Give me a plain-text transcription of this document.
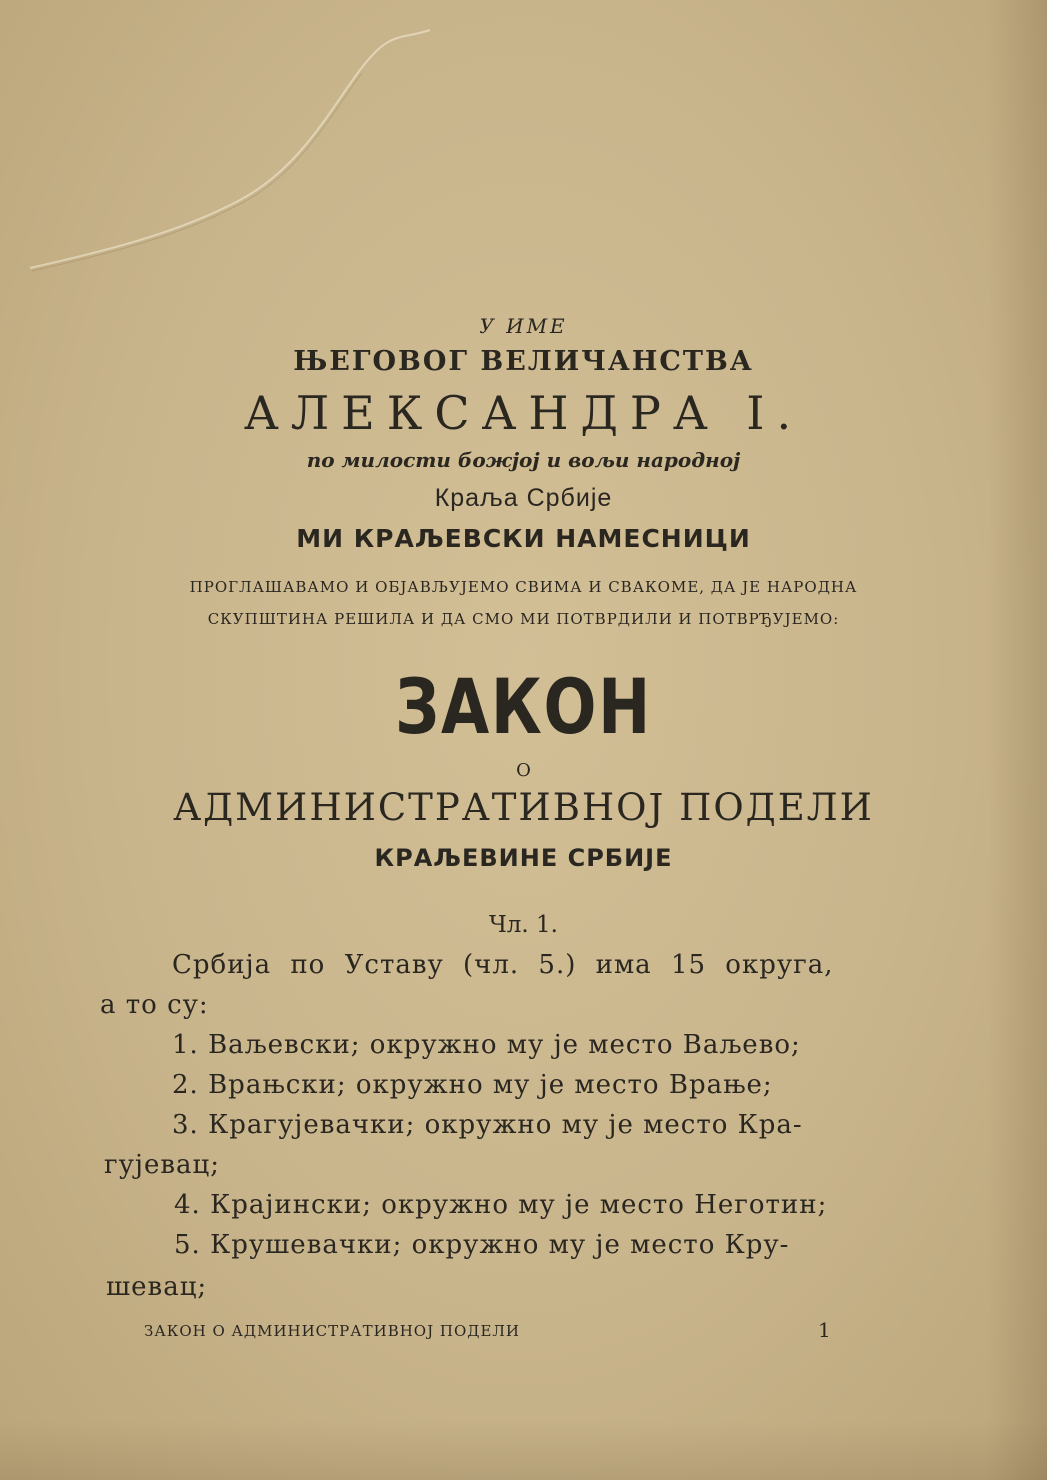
У ИМЕ
ЊЕГОВОГ ВЕЛИЧАНСТВА
АЛЕКСАНДРА I.
по милости божјој и вољи народној
Краља Србије
МИ КРАЉЕВСКИ НАМЕСНИЦИ
ПРОГЛАШАВАМО И ОБЈАВЉУЈЕМО СВИМА И СВАКОМЕ, ДА ЈЕ НАРОДНА
СКУПШТИНА РЕШИЛА И ДА СМО МИ ПОТВРДИЛИ И ПОТВРЂУЈЕМО:
ЗАКОН
О
АДМИНИСТРАТИВНОЈ ПОДЕЛИ
КРАЉЕВИНЕ СРБИЈЕ
Чл. 1.
Србија по Уставу (чл. 5.) има 15 округа,
а то су:
1. Ваљевски; окружно му је место Ваљево;
2. Врањски; окружно му је место Врање;
3. Крагујевачки; окружно му је место Кра-
гујевац;
4. Крајински; окружно му је место Неготин;
5. Крушевачки; окружно му је место Кру-
шевац;
ЗАКОН О АДМИНИСТРАТИВНОЈ ПОДЕЛИ	1
